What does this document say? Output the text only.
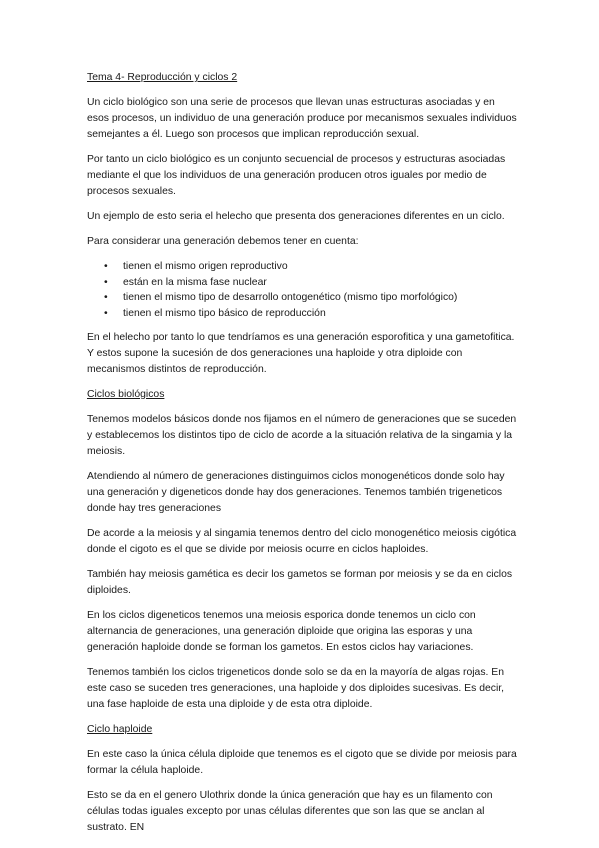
Tema 4- Reproducción y ciclos 2

Un ciclo biológico son una serie de procesos que llevan unas estructuras asociadas y en esos procesos, un individuo de una generación produce por mecanismos sexuales individuos semejantes a él. Luego son procesos que implican reproducción sexual.

Por tanto un ciclo biológico es un conjunto secuencial de procesos y estructuras asociadas mediante el que los individuos de una generación producen otros iguales por medio de procesos sexuales.

Un ejemplo de esto seria el helecho que presenta dos generaciones diferentes en un ciclo.

Para considerar una generación debemos tener en cuenta:

• tienen el mismo origen reproductivo
• están en la misma fase nuclear
• tienen el mismo tipo de desarrollo ontogenético (mismo tipo morfológico)
• tienen el mismo tipo básico de reproducción

En el helecho por tanto lo que tendríamos es una generación esporofitica y una gametofitica. Y estos supone la sucesión de dos generaciones una haploide y otra diploide con mecanismos distintos de reproducción.

Ciclos biológicos

Tenemos modelos básicos donde nos fijamos en el número de generaciones que se suceden y establecemos los distintos tipo de ciclo de acorde a la situación relativa de la singamia y la meiosis.

Atendiendo al número de generaciones distinguimos ciclos monogenéticos donde solo hay una generación y digeneticos donde hay dos generaciones. Tenemos también trigeneticos donde hay tres generaciones

De acorde a la meiosis y al singamia tenemos dentro del ciclo monogenético meiosis cigótica donde el cigoto es el que se divide por meiosis ocurre en ciclos haploides.

También hay meiosis gamética es decir los gametos se forman por meiosis y se da en ciclos diploides.

En los ciclos digeneticos tenemos una meiosis esporica donde tenemos un ciclo con alternancia de generaciones, una generación diploide que origina las esporas y una generación haploide donde se forman los gametos. En estos ciclos hay variaciones.

Tenemos también los ciclos trigeneticos donde solo se da en la mayoría de algas rojas. En este caso se suceden tres generaciones, una haploide y dos diploides sucesivas. Es decir, una fase haploide de esta una diploide y de esta otra diploide.

Ciclo haploide

En este caso la única célula diploide que tenemos es el cigoto que se divide por meiosis para formar la célula haploide.

Esto se da en el genero Ulothrix donde la única generación que hay es un filamento con células todas iguales excepto por unas células diferentes que son las que se anclan al sustrato. EN
